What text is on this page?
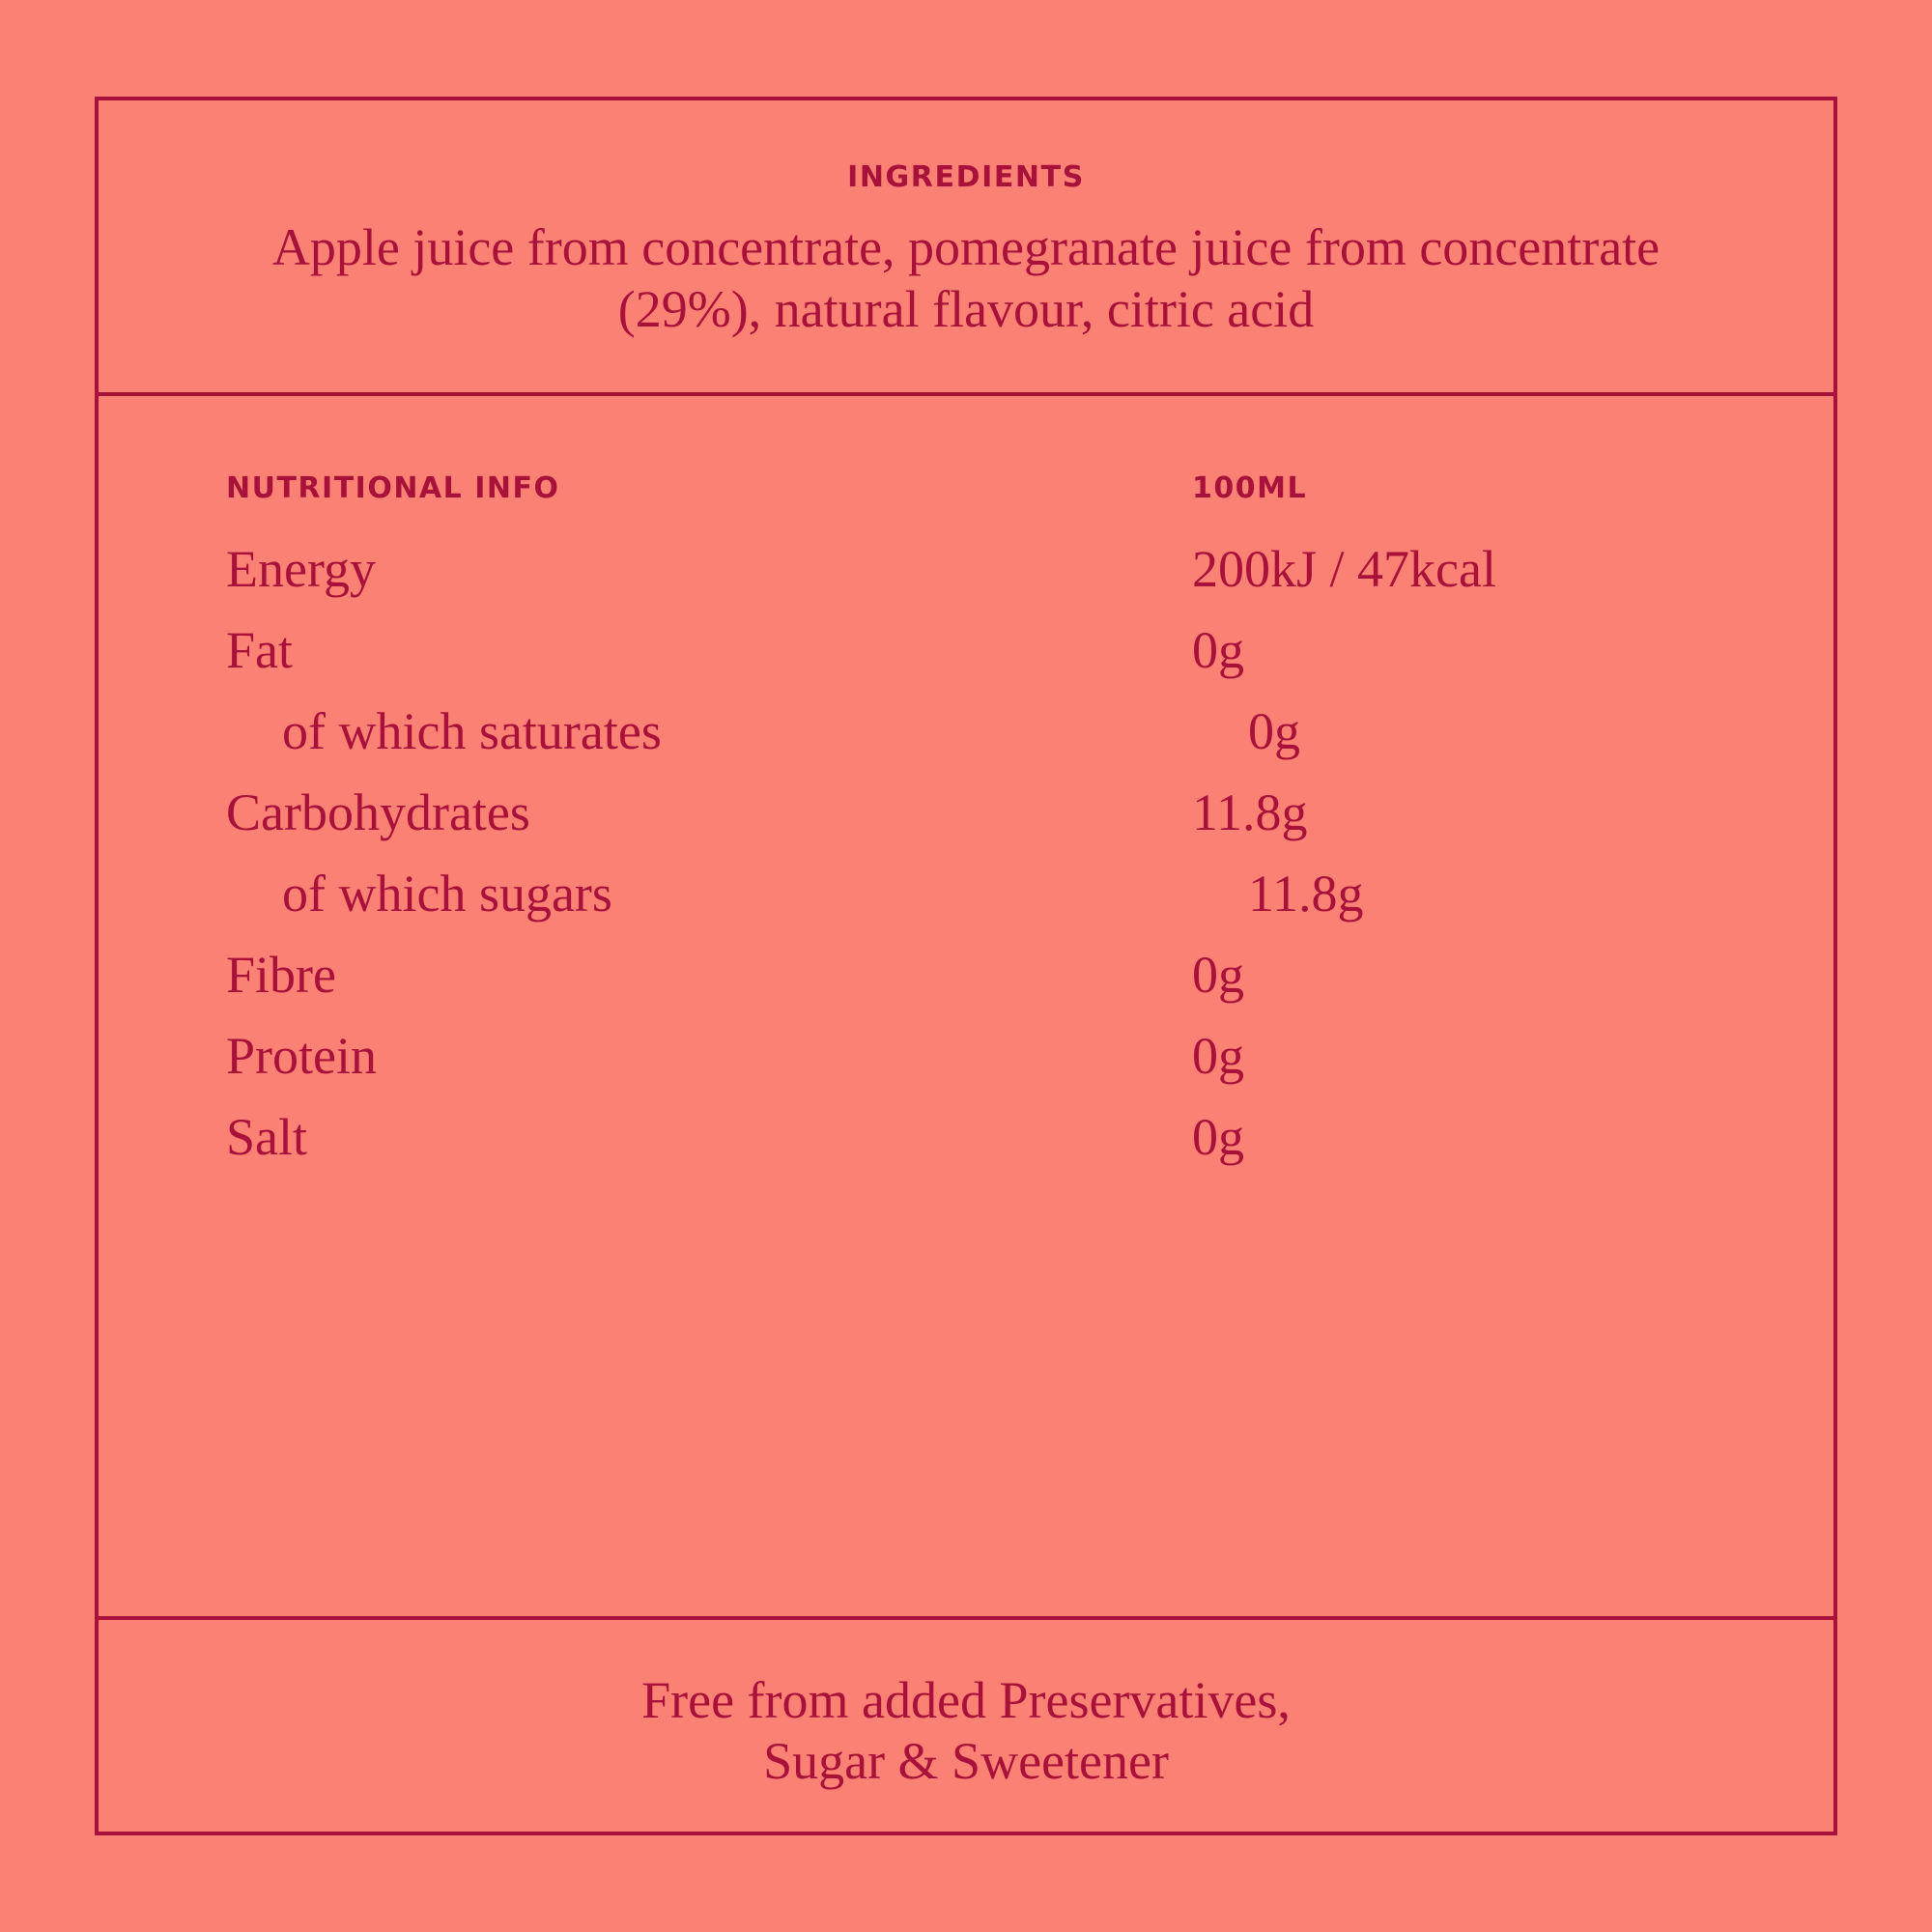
INGREDIENTS

Apple juice from concentrate, pomegranate juice from concentrate (29%), natural flavour, citric acid

NUTRITIONAL INFO	100ML
Energy	200kJ / 47kcal
Fat	0g
of which saturates	0g
Carbohydrates	11.8g
of which sugars	11.8g
Fibre	0g
Protein	0g
Salt	0g

Free from added Preservatives,

Sugar & Sweetener
